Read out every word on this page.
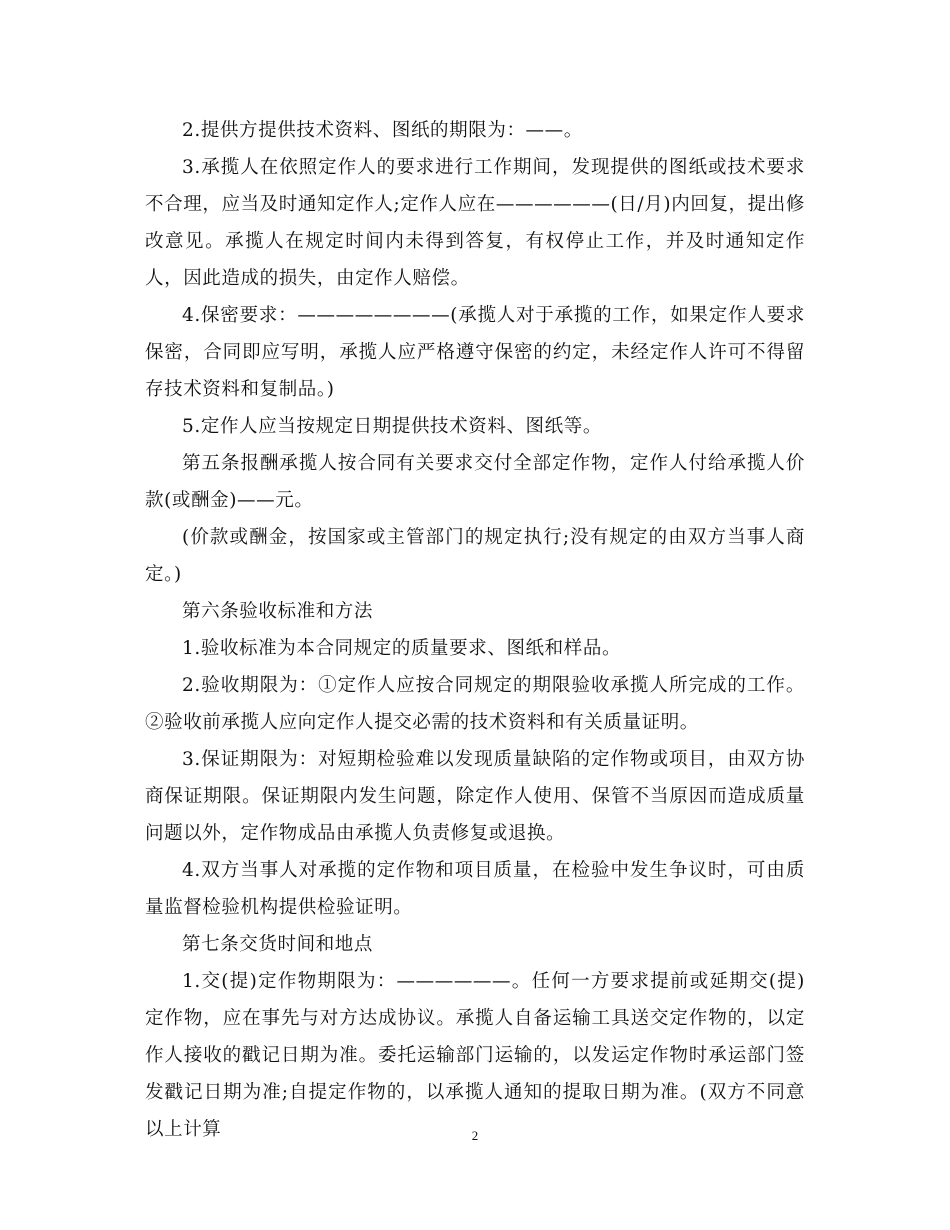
2.提供方提供技术资料、图纸的期限为：——。

3.承揽人在依照定作人的要求进行工作期间，发现提供的图纸或技术要求不合理，应当及时通知定作人;定作人应在——————(日/月)内回复，提出修改意见。承揽人在规定时间内未得到答复，有权停止工作，并及时通知定作人，因此造成的损失，由定作人赔偿。

4.保密要求：————————(承揽人对于承揽的工作，如果定作人要求保密，合同即应写明，承揽人应严格遵守保密的约定，未经定作人许可不得留存技术资料和复制品。)

5.定作人应当按规定日期提供技术资料、图纸等。

第五条报酬承揽人按合同有关要求交付全部定作物，定作人付给承揽人价款(或酬金)——元。

(价款或酬金，按国家或主管部门的规定执行;没有规定的由双方当事人商定。)

第六条验收标准和方法

1.验收标准为本合同规定的质量要求、图纸和样品。

2.验收期限为：①定作人应按合同规定的期限验收承揽人所完成的工作。②验收前承揽人应向定作人提交必需的技术资料和有关质量证明。

3.保证期限为：对短期检验难以发现质量缺陷的定作物或项目，由双方协商保证期限。保证期限内发生问题，除定作人使用、保管不当原因而造成质量问题以外，定作物成品由承揽人负责修复或退换。

4.双方当事人对承揽的定作物和项目质量，在检验中发生争议时，可由质量监督检验机构提供检验证明。

第七条交货时间和地点

1.交(提)定作物期限为：——————。任何一方要求提前或延期交(提)定作物，应在事先与对方达成协议。承揽人自备运输工具送交定作物的，以定作人接收的戳记日期为准。委托运输部门运输的，以发运定作物时承运部门签发戳记日期为准;自提定作物的，以承揽人通知的提取日期为准。(双方不同意以上计算	2
